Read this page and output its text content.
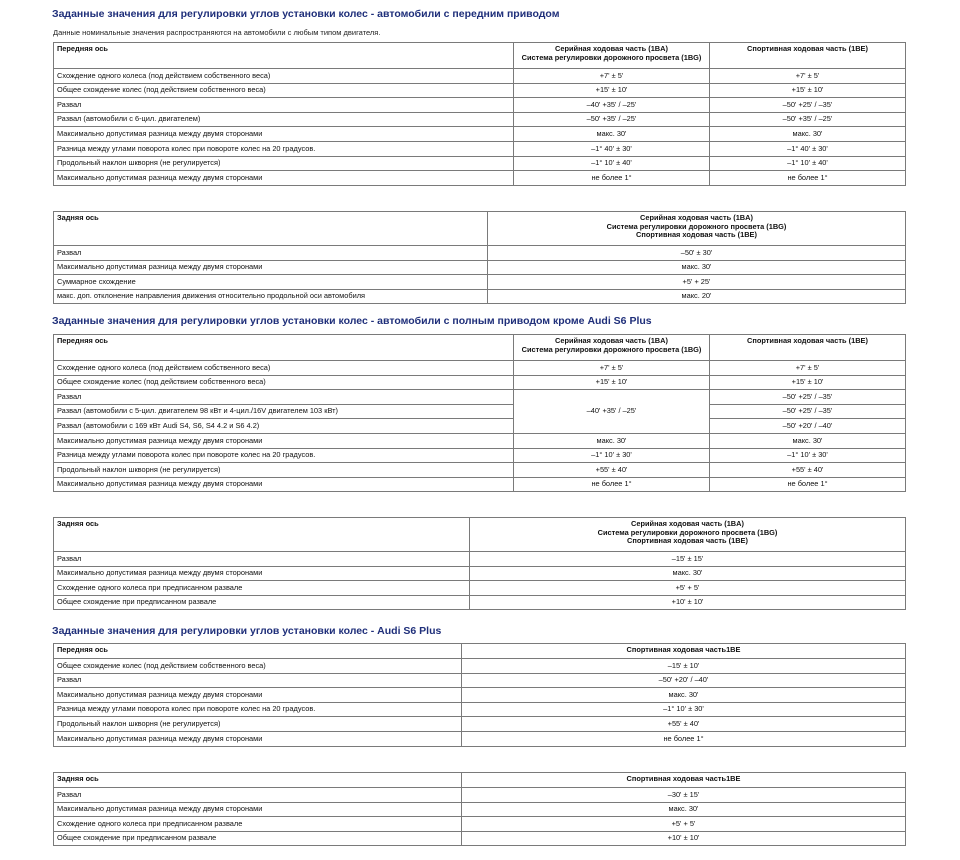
Заданные значения для регулировки углов установки колес - автомобили с передним приводом
Данные номинальные значения распространяются на автомобили с любым типом двигателя.
Передняя ось	Серийная ходовая часть (1BA)
Система регулировки дорожного просвета (1BG)	Спортивная ходовая часть (1BE)

Схождение одного колеса (под действием собственного веса)	+7' ± 5'	+7' ± 5'
Общее схождение колес (под действием собственного веса)	+15' ± 10'	+15' ± 10'
Развал	–40' +35' / –25'	–50' +25' / –35'
Развал (автомобили с 6-цил. двигателем)	–50' +35' / –25'	–50' +35' / –25'
Максимально допустимая разница между двумя сторонами	макс. 30'	макс. 30'
Разница между углами поворота колес при повороте колес на 20 градусов.	–1° 40' ± 30'	–1° 40' ± 30'
Продольный наклон шкворня (не регулируется)	–1° 10' ± 40'	–1° 10' ± 40'
Максимально допустимая разница между двумя сторонами	не более 1°	не более 1°
Задняя ось	Серийная ходовая часть (1BA)
Система регулировки дорожного просвета (1BG)
Спортивная ходовая часть (1BE)

Развал	–50' ± 30'
Максимально допустимая разница между двумя сторонами	макс. 30'
Суммарное схождение	+5' + 25'
макс. доп. отклонение направления движения относительно продольной оси автомобиля	макс. 20'
Заданные значения для регулировки углов установки колес - автомобили с полным приводом кроме Audi S6 Plus
Передняя ось	Серийная ходовая часть (1BA)
Система регулировки дорожного просвета (1BG)	Спортивная ходовая часть (1BE)

Схождение одного колеса (под действием собственного веса)	+7' ± 5'	+7' ± 5'
Общее схождение колес (под действием собственного веса)	+15' ± 10'	+15' ± 10'
Развал	–40' +35' / –25'	–50' +25' / –35'
Развал (автомобили с 5-цил. двигателем 98 кВт и 4-цил./16V двигателем 103 кВт)		–50' +25' / –35'
Развал (автомобили с 169 кВт Audi S4, S6, S4 4.2 и S6 4.2)		–50' +20' / –40'
Максимально допустимая разница между двумя сторонами	макс. 30'	макс. 30'
Разница между углами поворота колес при повороте колес на 20 градусов.	–1° 10' ± 30'	–1° 10' ± 30'
Продольный наклон шкворня (не регулируется)	+55' ± 40'	+55' ± 40'
Максимально допустимая разница между двумя сторонами	не более 1°	не более 1°
Задняя ось	Серийная ходовая часть (1BA)
Система регулировки дорожного просвета (1BG)
Спортивная ходовая часть (1BE)

Развал	–15' ± 15'
Максимально допустимая разница между двумя сторонами	макс. 30'
Схождение одного колеса при предписанном развале	+5' + 5'
Общее схождение при предписанном развале	+10' ± 10'
Заданные значения для регулировки углов установки колес - Audi S6 Plus
Передняя ось	Спортивная ходовая часть1BE

Общее схождение колес (под действием собственного веса)	–15' ± 10'
Развал	–50' +20' / –40'
Максимально допустимая разница между двумя сторонами	макс. 30'
Разница между углами поворота колес при повороте колес на 20 градусов.	–1° 10' ± 30'
Продольный наклон шкворня (не регулируется)	+55' ± 40'
Максимально допустимая разница между двумя сторонами	не более 1°
Задняя ось	Спортивная ходовая часть1BE

Развал	–30' ± 15'
Максимально допустимая разница между двумя сторонами	макс. 30'
Схождение одного колеса при предписанном развале	+5' + 5'
Общее схождение при предписанном развале	+10' ± 10'
